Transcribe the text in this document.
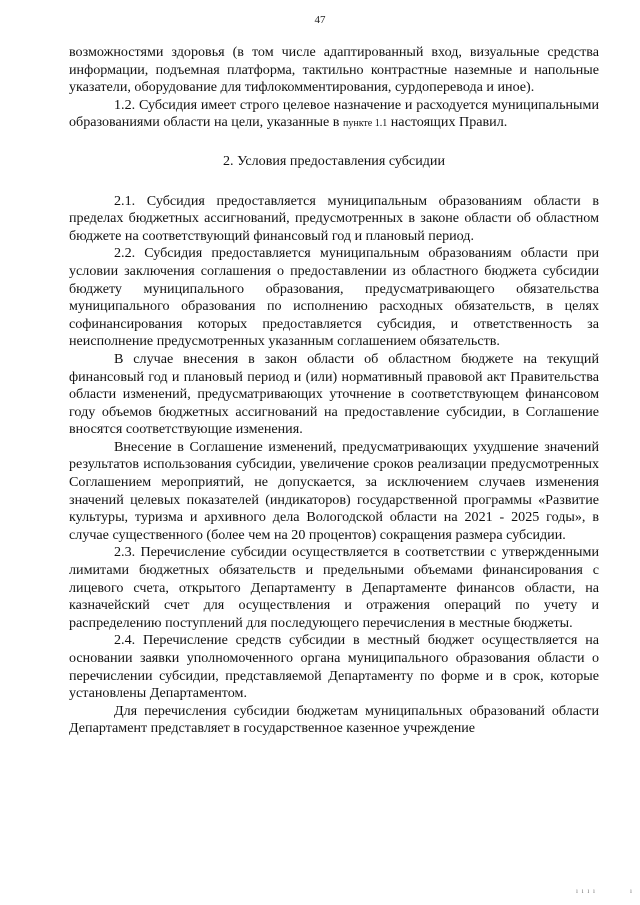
47

возможностями здоровья (в том числе адаптированный вход, визуальные средства информации, подъемная платформа, тактильно контрастные наземные и напольные указатели, оборудование для тифлокомментирования, сурдоперевода и иное).

1.2. Субсидия имеет строго целевое назначение и расходуется муниципальными образованиями области на цели, указанные в пункте 1.1 настоящих Правил.

2. Условия предоставления субсидии

2.1. Субсидия предоставляется муниципальным образованиям области в пределах бюджетных ассигнований, предусмотренных в законе области об областном бюджете на соответствующий финансовый год и плановый период.

2.2. Субсидия предоставляется муниципальным образованиям области при условии заключения соглашения о предоставлении из областного бюджета субсидии бюджету муниципального образования, предусматривающего обязательства муниципального образования по исполнению расходных обязательств, в целях софинансирования которых предоставляется субсидия, и ответственность за неисполнение предусмотренных указанным соглашением обязательств.

В случае внесения в закон области об областном бюджете на текущий финансовый год и плановый период и (или) нормативный правовой акт Правительства области изменений, предусматривающих уточнение в соответствующем финансовом году объемов бюджетных ассигнований на предоставление субсидии, в Соглашение вносятся соответствующие изменения.

Внесение в Соглашение изменений, предусматривающих ухудшение значений результатов использования субсидии, увеличение сроков реализации предусмотренных Соглашением мероприятий, не допускается, за исключением случаев изменения значений целевых показателей (индикаторов) государственной программы «Развитие культуры, туризма и архивного дела Вологодской области на 2021 - 2025 годы», в случае существенного (более чем на 20 процентов) сокращения размера субсидии.

2.3. Перечисление субсидии осуществляется в соответствии с утвержденными лимитами бюджетных обязательств и предельными объемами финансирования с лицевого счета, открытого Департаменту в Департаменте финансов области, на казначейский счет для осуществления и отражения операций по учету и распределению поступлений для последующего перечисления в местные бюджеты.

2.4. Перечисление средств субсидии в местный бюджет осуществляется на основании заявки уполномоченного органа муниципального образования области о перечислении субсидии, представляемой Департаменту по форме и в срок, которые установлены Департаментом.

Для перечисления субсидии бюджетам муниципальных образований области Департамент представляет в государственное казенное учреждение

ı ı ı ı	ı
